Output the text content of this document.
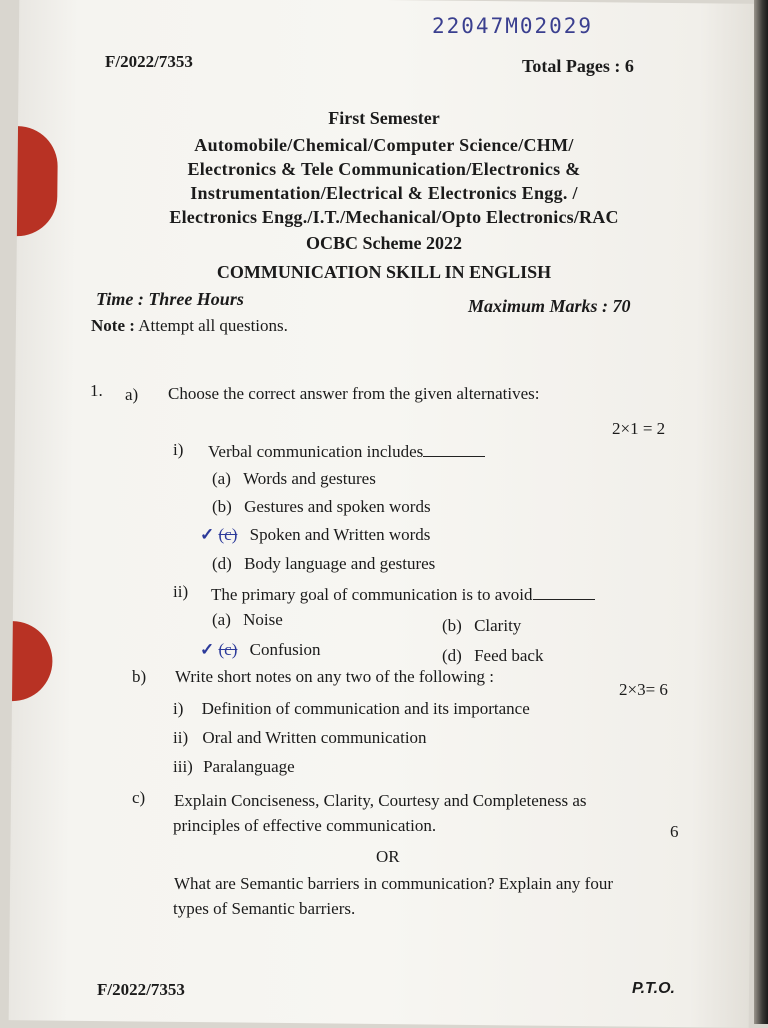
22047M02029
F/2022/7353	Total Pages : 6
First Semester
Automobile/Chemical/Computer Science/CHM/
Electronics & Tele Communication/Electronics &
Instrumentation/Electrical & Electronics Engg. /
Electronics Engg./I.T./Mechanical/Opto Electronics/RAC
OCBC Scheme 2022
COMMUNICATION SKILL IN ENGLISH
Time : Three Hours	Maximum Marks : 70
Note : Attempt all questions.
1. a) Choose the correct answer from the given alternatives:
2×1 = 2
i) Verbal communication includes
(a) Words and gestures
(b) Gestures and spoken words
✓ (c) Spoken and Written words
(d) Body language and gestures
ii) The primary goal of communication is to avoid
(a) Noise	(b) Clarity
✓ (c) Confusion	(d) Feed back
b) Write short notes on any two of the following :
2×3= 6
i) Definition of communication and its importance
ii) Oral and Written communication
iii) Paralanguage
c) Explain Conciseness, Clarity, Courtesy and Completeness as
principles of effective communication.	6
OR
What are Semantic barriers in communication? Explain any four
types of Semantic barriers.
F/2022/7353	P.T.O.
